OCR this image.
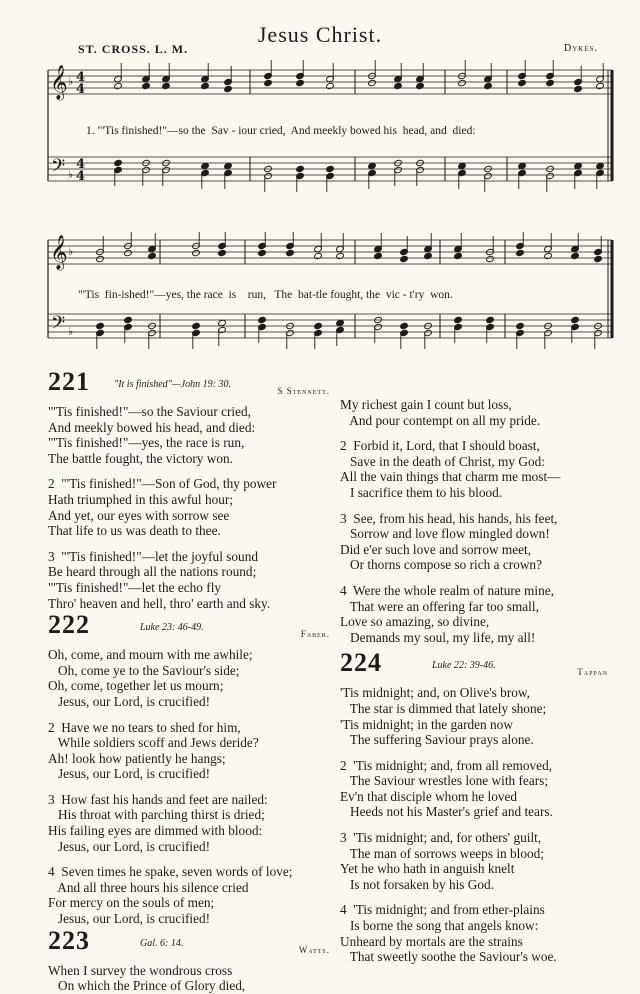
Jesus Christ.
ST. CROSS. L. M.	Dykes.
𝄞
𝄢
♭
♭
4
4
4
4
1. "'Tis finished!"—so the  Sav - iour cried,  And meekly bowed his  head, and  died:
𝄞
𝄢
♭
♭
"'Tis  fin-ished!"—yes, the race  is    run,   The  bat-tle fought, the  vic - t'ry  won.
221 "It is finished"—John 19: 30.
S Stennett.

"'Tis finished!"—so the Saviour cried,

And meekly bowed his head, and died:

"'Tis finished!"—yes, the race is run,

The battle fought, the victory won.

2  "'Tis finished!"—Son of God, thy power

Hath triumphed in this awful hour;

And yet, our eyes with sorrow see

That life to us was death to thee.

3  "'Tis finished!"—let the joyful sound

Be heard through all the nations round;

"'Tis finished!"—let the echo fly

Thro' heaven and hell, thro' earth and sky.

222	Luke 23: 46-49.
Faber.

Oh, come, and mourn with me awhile;

Oh, come ye to the Saviour's side;

Oh, come, together let us mourn;

Jesus, our Lord, is crucified!

2  Have we no tears to shed for him,

While soldiers scoff and Jews deride?

Ah! look how patiently he hangs;

Jesus, our Lord, is crucified!

3  How fast his hands and feet are nailed:

His throat with parching thirst is dried;

His failing eyes are dimmed with blood:

Jesus, our Lord, is crucified!

4  Seven times he spake, seven words of love;

And all three hours his silence cried

For mercy on the souls of men;

Jesus, our Lord, is crucified!

223	Gal. 6: 14.
Watts.

When I survey the wondrous cross

On which the Prince of Glory died,

My richest gain I count but loss,

And pour contempt on all my pride.

2  Forbid it, Lord, that I should boast,

Save in the death of Christ, my God:

All the vain things that charm me most—

I sacrifice them to his blood.

3  See, from his head, his hands, his feet,

Sorrow and love flow mingled down!

Did e'er such love and sorrow meet,

Or thorns compose so rich a crown?

4  Were the whole realm of nature mine,

That were an offering far too small,

Love so amazing, so divine,

Demands my soul, my life, my all!

224	Luke 22: 39-46.
Tappan

'Tis midnight; and, on Olive's brow,

The star is dimmed that lately shone;

'Tis midnight; in the garden now

The suffering Saviour prays alone.

2  'Tis midnight; and, from all removed,

The Saviour wrestles lone with fears;

Ev'n that disciple whom he loved

Heeds not his Master's grief and tears.

3  'Tis midnight; and, for others' guilt,

The man of sorrows weeps in blood;

Yet he who hath in anguish knelt

Is not forsaken by his God.

4  'Tis midnight; and from ether-plains

Is borne the song that angels know:

Unheard by mortals are the strains

That sweetly soothe the Saviour's woe.
